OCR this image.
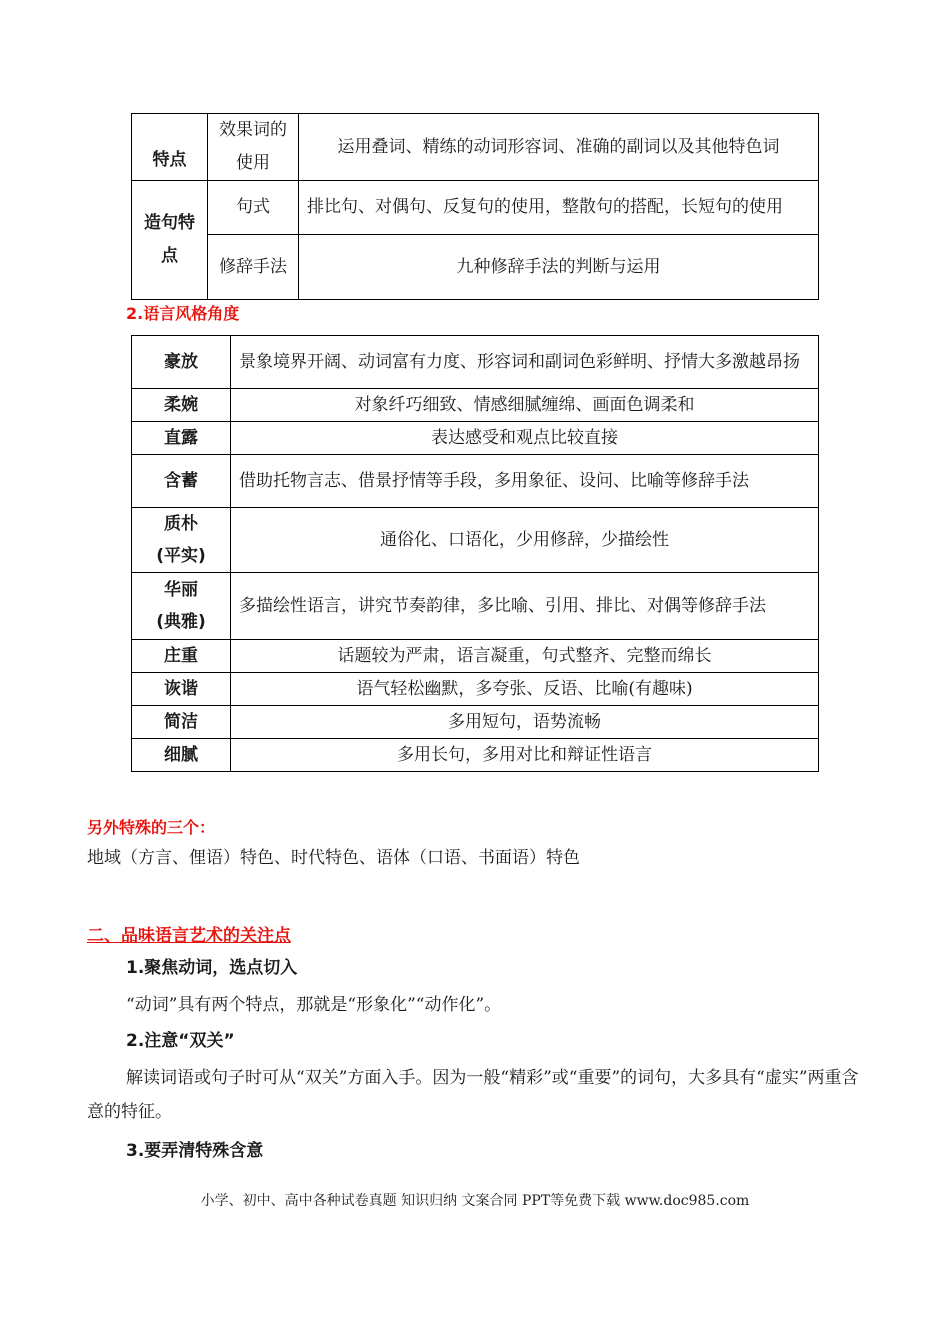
特点	效果词的使用	运用叠词、精练的动词形容词、准确的副词以及其他特色词
造句特点	句式	排比句、对偶句、反复句的使用，整散句的搭配，长短句的使用
	修辞手法	九种修辞手法的判断与运用
2.语言风格角度
豪放	景象境界开阔、动词富有力度、形容词和副词色彩鲜明、抒情大多激越昂扬
柔婉	对象纤巧细致、情感细腻缠绵、画面色调柔和
直露	表达感受和观点比较直接
含蓄	借助托物言志、借景抒情等手段，多用象征、设问、比喻等修辞手法
质朴(平实)	通俗化、口语化，少用修辞，少描绘性
华丽(典雅)	多描绘性语言，讲究节奏韵律，多比喻、引用、排比、对偶等修辞手法
庄重	话题较为严肃，语言凝重，句式整齐、完整而绵长
诙谐	语气轻松幽默，多夸张、反语、比喻(有趣味)
简洁	多用短句，语势流畅
细腻	多用长句，多用对比和辩证性语言
另外特殊的三个：
地域（方言、俚语）特色、时代特色、语体（口语、书面语）特色
二、品味语言艺术的关注点
1.聚焦动词，选点切入
“动词”具有两个特点，那就是“形象化”“动作化”。
2.注意“双关”
解读词语或句子时可从“双关”方面入手。因为一般“精彩”或“重要”的词句，大多具有“虚实”两重含意的特征。
3.要弄清特殊含意
小学、初中、高中各种试卷真题 知识归纳 文案合同 PPT等免费下载 www.doc985.com
